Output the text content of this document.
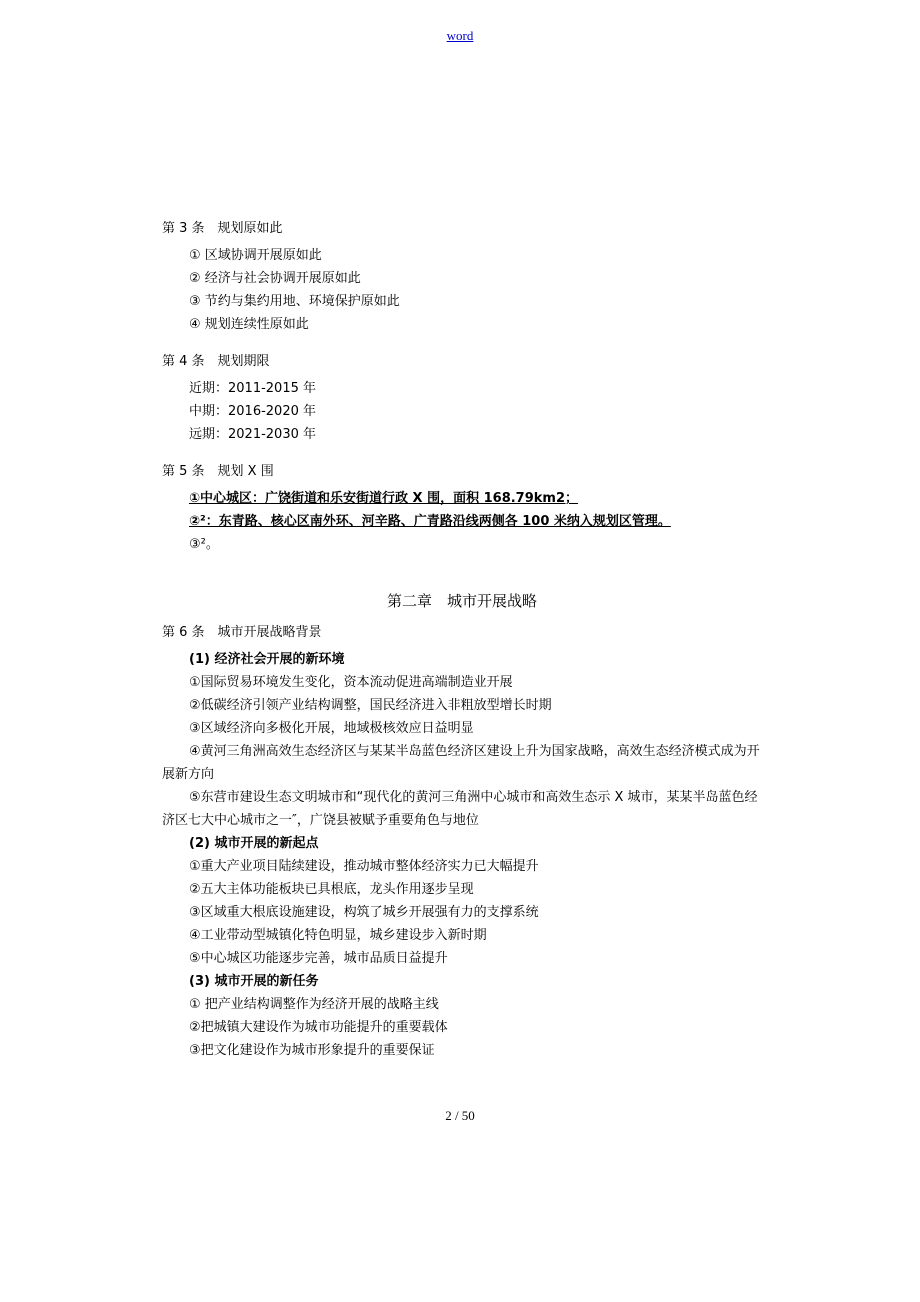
word
第 3 条　规划原如此
① 区域协调开展原如此
② 经济与社会协调开展原如此
③ 节约与集约用地、环境保护原如此
④ 规划连续性原如此
第 4 条　规划期限
近期：2011-2015 年
中期：2016-2020 年
远期：2021-2030 年
第 5 条　规划 X 围
①中心城区：广饶街道和乐安街道行政 X 围，面积 168.79km2；
②²：东青路、核心区南外环、河辛路、广青路沿线两侧各 100 米纳入规划区管理。
③²。
第二章　城市开展战略
第 6 条　城市开展战略背景
(1) 经济社会开展的新环境
①国际贸易环境发生变化，资本流动促进高端制造业开展
②低碳经济引领产业结构调整，国民经济进入非粗放型增长时期
③区域经济向多极化开展，地域极核效应日益明显
④黄河三角洲高效生态经济区与某某半岛蓝色经济区建设上升为国家战略，高效生态经济模式成为开展新方向
⑤东营市建设生态文明城市和“现代化的黄河三角洲中心城市和高效生态示 X 城市，某某半岛蓝色经济区七大中心城市之一″，广饶县被赋予重要角色与地位
(2) 城市开展的新起点
①重大产业项目陆续建设，推动城市整体经济实力已大幅提升
②五大主体功能板块已具根底，龙头作用逐步呈现
③区域重大根底设施建设，构筑了城乡开展强有力的支撑系统
④工业带动型城镇化特色明显，城乡建设步入新时期
⑤中心城区功能逐步完善，城市品质日益提升
(3) 城市开展的新任务
① 把产业结构调整作为经济开展的战略主线
②把城镇大建设作为城市功能提升的重要载体
③把文化建设作为城市形象提升的重要保证
2 / 50
